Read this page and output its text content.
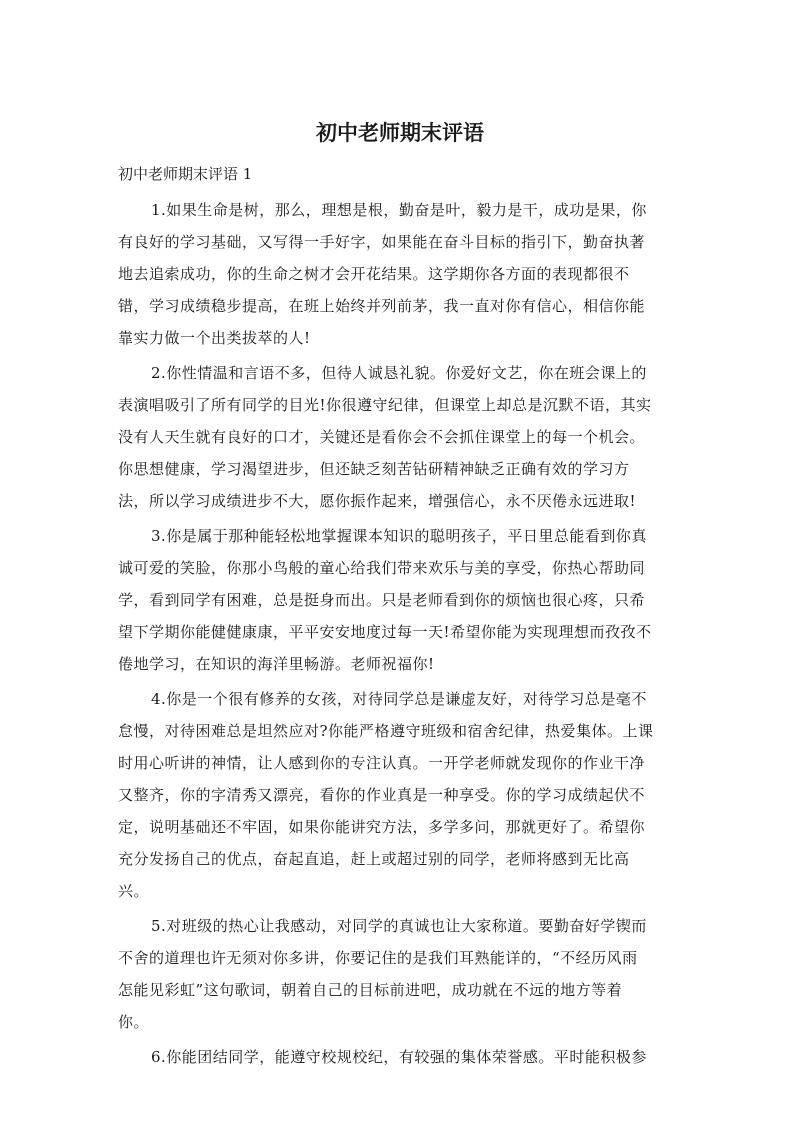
初中老师期末评语

初中老师期末评语 1

1.如果生命是树，那么，理想是根，勤奋是叶，毅力是干，成功是果，你
有良好的学习基础，又写得一手好字，如果能在奋斗目标的指引下，勤奋执著
地去追索成功，你的生命之树才会开花结果。这学期你各方面的表现都很不
错，学习成绩稳步提高，在班上始终并列前茅，我一直对你有信心，相信你能
靠实力做一个出类拔萃的人!

2.你性情温和言语不多，但待人诚恳礼貌。你爱好文艺，你在班会课上的
表演唱吸引了所有同学的目光!你很遵守纪律，但课堂上却总是沉默不语，其实
没有人天生就有良好的口才，关键还是看你会不会抓住课堂上的每一个机会。
你思想健康，学习渴望进步，但还缺乏刻苦钻研精神缺乏正确有效的学习方
法，所以学习成绩进步不大，愿你振作起来，增强信心，永不厌倦永远进取!

3.你是属于那种能轻松地掌握课本知识的聪明孩子，平日里总能看到你真
诚可爱的笑脸，你那小鸟般的童心给我们带来欢乐与美的享受，你热心帮助同
学，看到同学有困难，总是挺身而出。只是老师看到你的烦恼也很心疼，只希
望下学期你能健健康康，平平安安地度过每一天!希望你能为实现理想而孜孜不
倦地学习，在知识的海洋里畅游。老师祝福你!

4.你是一个很有修养的女孩，对待同学总是谦虚友好，对待学习总是毫不
怠慢，对待困难总是坦然应对?你能严格遵守班级和宿舍纪律，热爱集体。上课
时用心听讲的神情，让人感到你的专注认真。一开学老师就发现你的作业干净
又整齐，你的字清秀又漂亮，看你的作业真是一种享受。你的学习成绩起伏不
定，说明基础还不牢固，如果你能讲究方法，多学多问，那就更好了。希望你
充分发扬自己的优点，奋起直追，赶上或超过别的同学，老师将感到无比高
兴。

5.对班级的热心让我感动，对同学的真诚也让大家称道。要勤奋好学锲而
不舍的道理也许无须对你多讲，你要记住的是我们耳熟能详的，“不经历风雨
怎能见彩虹”这句歌词，朝着自己的目标前进吧，成功就在不远的地方等着
你。

6.你能团结同学，能遵守校规校纪，有较强的集体荣誉感。平时能积极参
